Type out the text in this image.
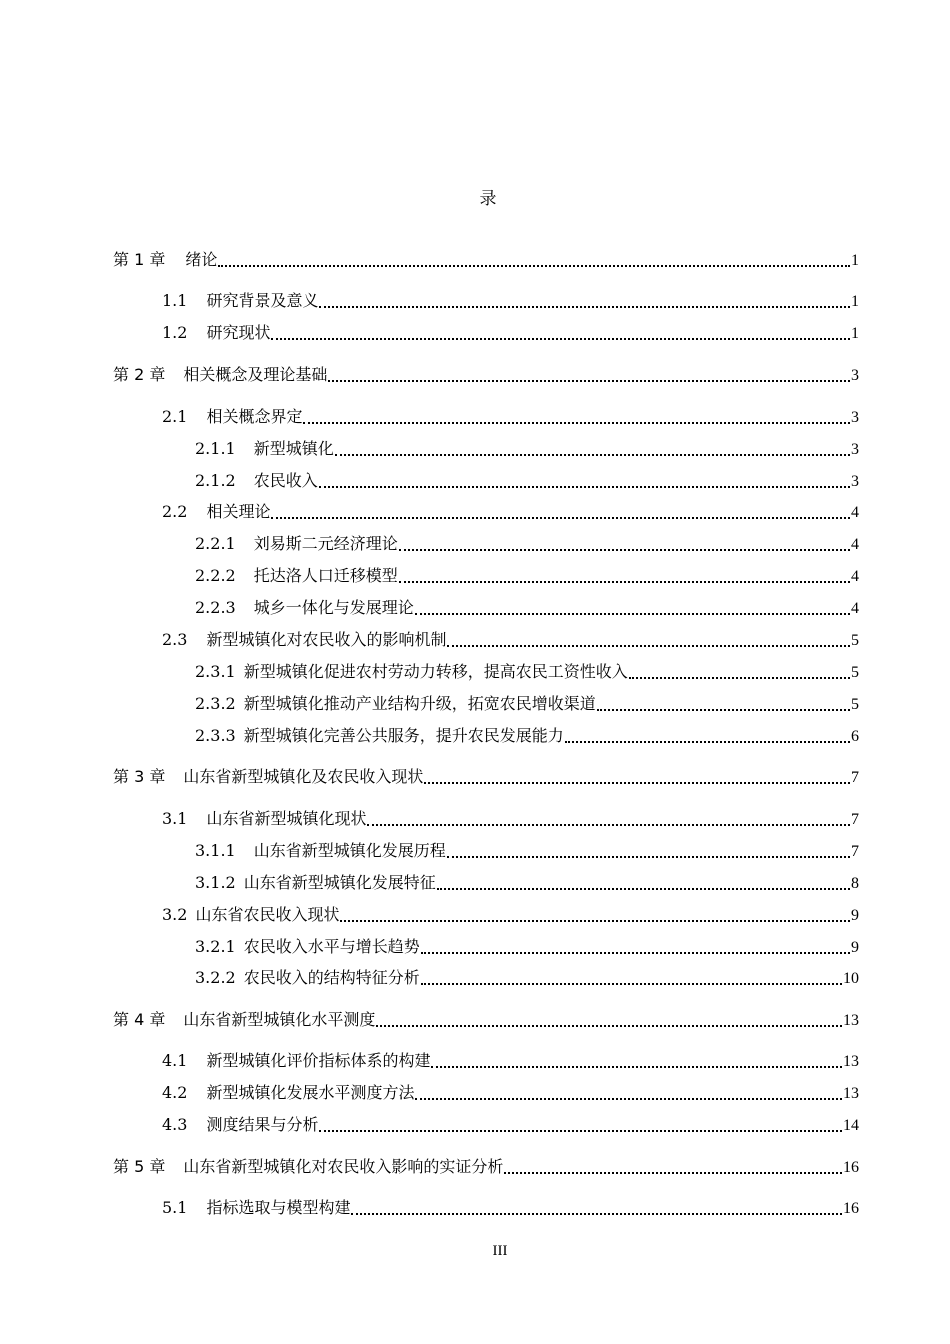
录
第 1 章 绪论	1
1.1 研究背景及意义	1
1.2 研究现状	1
第 2 章 相关概念及理论基础	3
2.1 相关概念界定	3
2.1.1 新型城镇化	3
2.1.2 农民收入	3
2.2 相关理论	4
2.2.1 刘易斯二元经济理论	4
2.2.2 托达洛人口迁移模型	4
2.2.3 城乡一体化与发展理论	4
2.3 新型城镇化对农民收入的影响机制	5
2.3.1 新型城镇化促进农村劳动力转移，提高农民工资性收入	5
2.3.2 新型城镇化推动产业结构升级，拓宽农民增收渠道	5
2.3.3 新型城镇化完善公共服务，提升农民发展能力	6
第 3 章 山东省新型城镇化及农民收入现状	7
3.1 山东省新型城镇化现状	7
3.1.1 山东省新型城镇化发展历程	7
3.1.2 山东省新型城镇化发展特征	8
3.2 山东省农民收入现状	9
3.2.1 农民收入水平与增长趋势	9
3.2.2 农民收入的结构特征分析	10
第 4 章 山东省新型城镇化水平测度	13
4.1 新型城镇化评价指标体系的构建	13
4.2 新型城镇化发展水平测度方法	13
4.3 测度结果与分析	14
第 5 章 山东省新型城镇化对农民收入影响的实证分析	16
5.1 指标选取与模型构建	16
III
